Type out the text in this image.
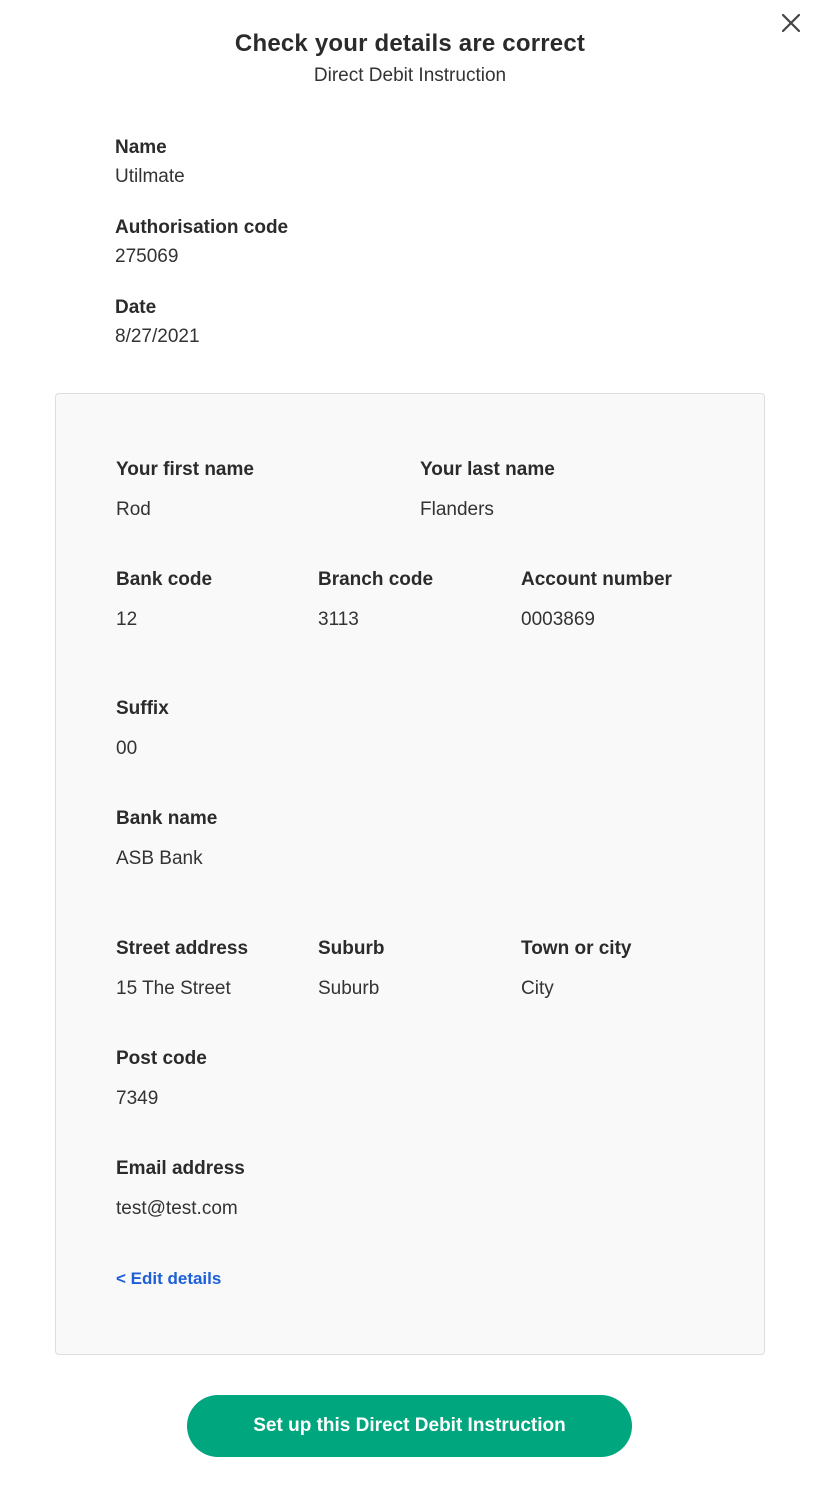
Check your details are correct
Direct Debit Instruction
Name
Utilmate
Authorisation code
275069
Date
8/27/2021
Your first name
Rod
Your last name
Flanders
Bank code
12
Branch code
3113
Account number
0003869
Suffix
00
Bank name
ASB Bank
Street address
15 The Street
Suburb
Suburb
Town or city
City
Post code
7349
Email address
test@test.com
< Edit details
Set up this Direct Debit Instruction
